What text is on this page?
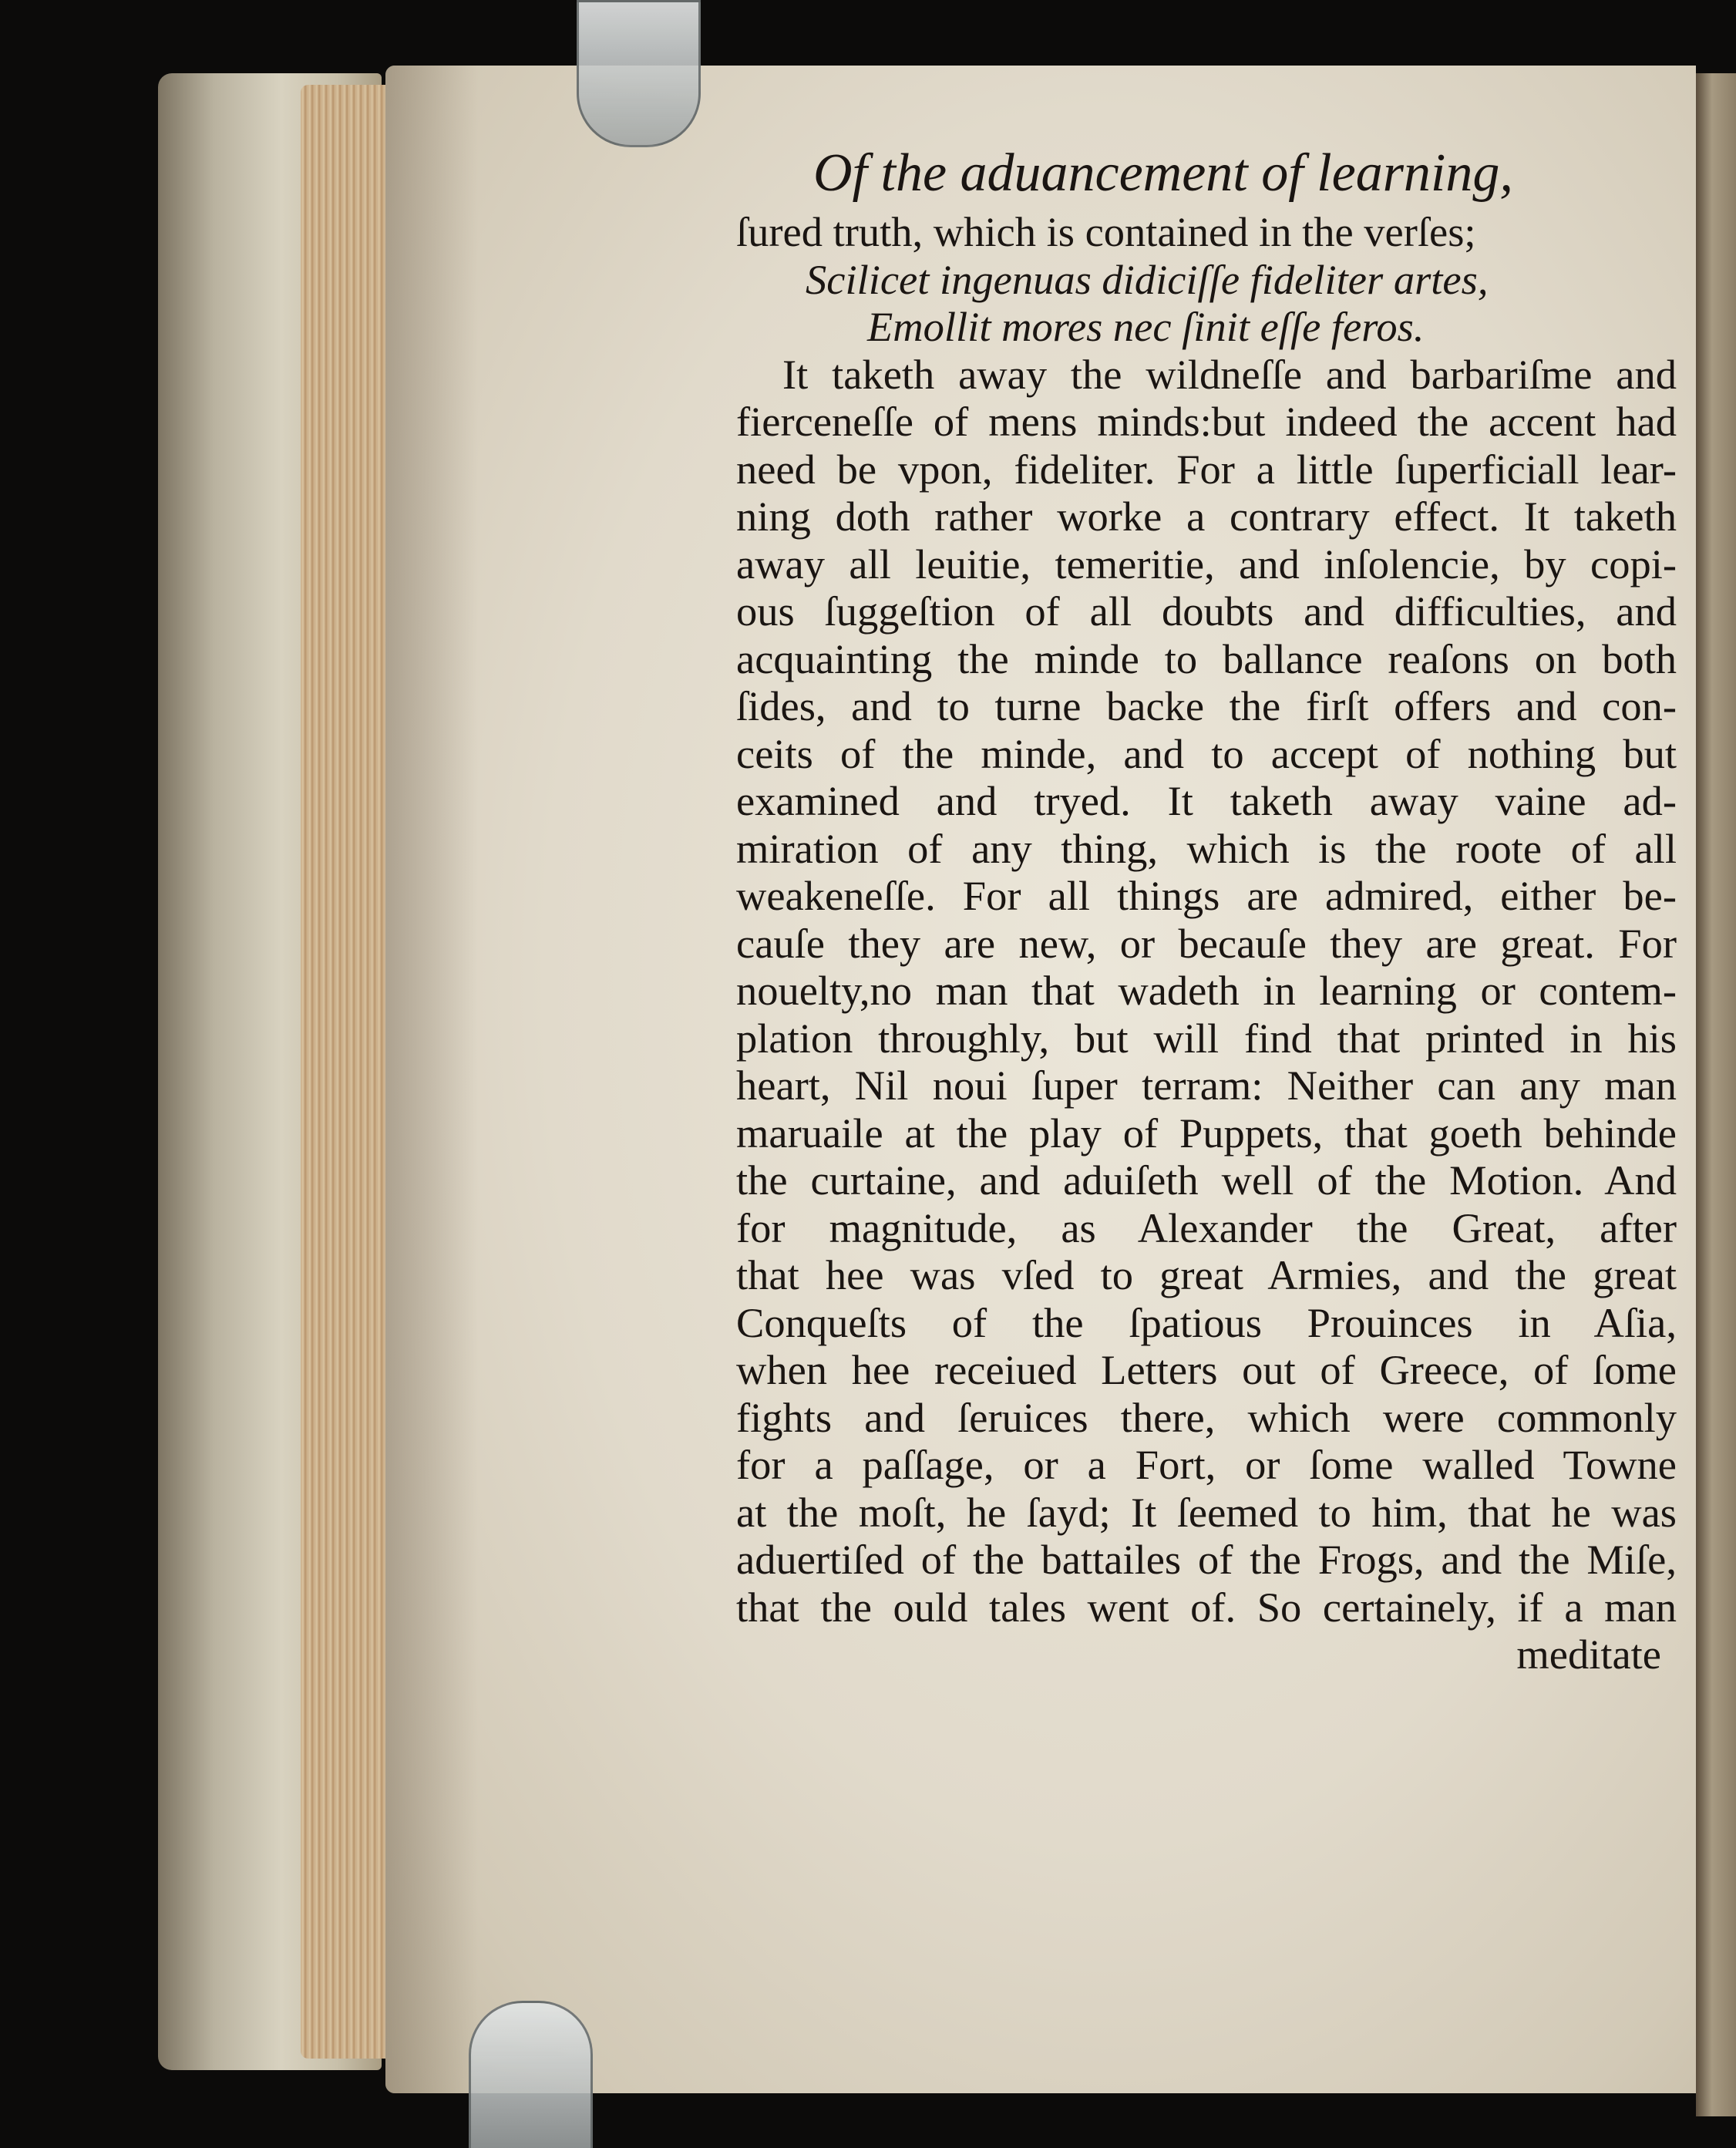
Of the aduancement of learning,
ſured truth, which is contained in the verſes;
Scilicet ingenuas didiciſſe fideliter artes,
Emollit mores nec ſinit eſſe feros.
It taketh away the wildneſſe and barbariſme and
fierceneſſe of mens minds:but indeed the accent had
need be vpon, fideliter. For a little ſuperficiall lear-
ning doth rather worke a contrary effect. It taketh
away all leuitie, temeritie, and inſolencie, by copi-
ous ſuggeſtion of all doubts and difficulties, and
acquainting the minde to ballance reaſons on both
ſides, and to turne backe the firſt offers and con-
ceits of the minde, and to accept of nothing but
examined and tryed. It taketh away vaine ad-
miration of any thing, which is the roote of all
weakeneſſe. For all things are admired, either be-
cauſe they are new, or becauſe they are great. For
nouelty,no man that wadeth in learning or contem-
plation throughly, but will find that printed in his
heart, Nil noui ſuper terram: Neither can any man
maruaile at the play of Puppets, that goeth behinde
the curtaine, and aduiſeth well of the Motion. And
for magnitude, as Alexander the Great, after
that hee was vſed to great Armies, and the great
Conqueſts of the ſpatious Prouinces in Aſia,
when hee receiued Letters out of Greece, of ſome
fights and ſeruices there, which were commonly
for a paſſage, or a Fort, or ſome walled Towne
at the moſt, he ſayd; It ſeemed to him, that he was
aduertiſed of the battailes of the Frogs, and the Miſe,
that the ould tales went of. So certainely, if a man
meditate
